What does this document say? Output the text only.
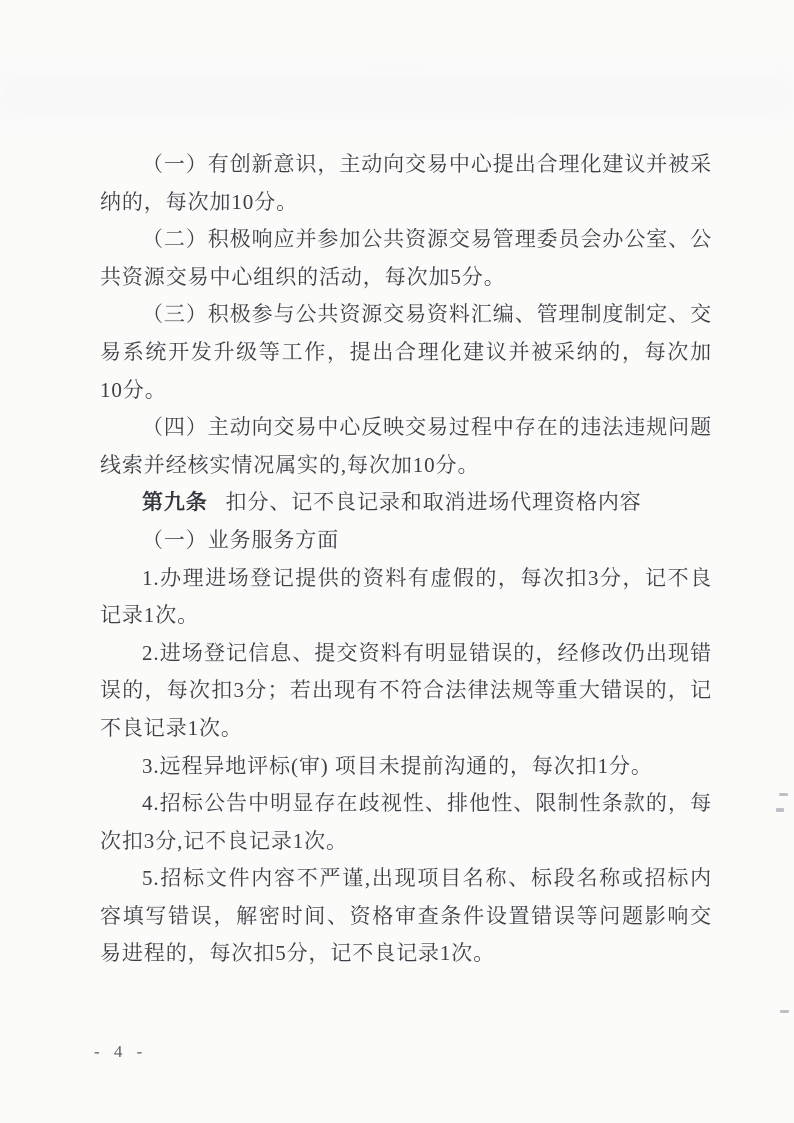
（一）有创新意识，主动向交易中心提出合理化建议并被采纳的，每次加10分。

（二）积极响应并参加公共资源交易管理委员会办公室、公共资源交易中心组织的活动，每次加5分。

（三）积极参与公共资源交易资料汇编、管理制度制定、交易系统开发升级等工作，提出合理化建议并被采纳的，每次加10分。

（四）主动向交易中心反映交易过程中存在的违法违规问题线索并经核实情况属实的,每次加10分。

第九条 扣分、记不良记录和取消进场代理资格内容

（一）业务服务方面

1.办理进场登记提供的资料有虚假的，每次扣3分，记不良记录1次。

2.进场登记信息、提交资料有明显错误的，经修改仍出现错误的，每次扣3分；若出现有不符合法律法规等重大错误的，记不良记录1次。

3.远程异地评标(审) 项目未提前沟通的，每次扣1分。

4.招标公告中明显存在歧视性、排他性、限制性条款的，每次扣3分,记不良记录1次。

5.招标文件内容不严谨,出现项目名称、标段名称或招标内容填写错误，解密时间、资格审查条件设置错误等问题影响交易进程的，每次扣5分，记不良记录1次。

- 4 -
